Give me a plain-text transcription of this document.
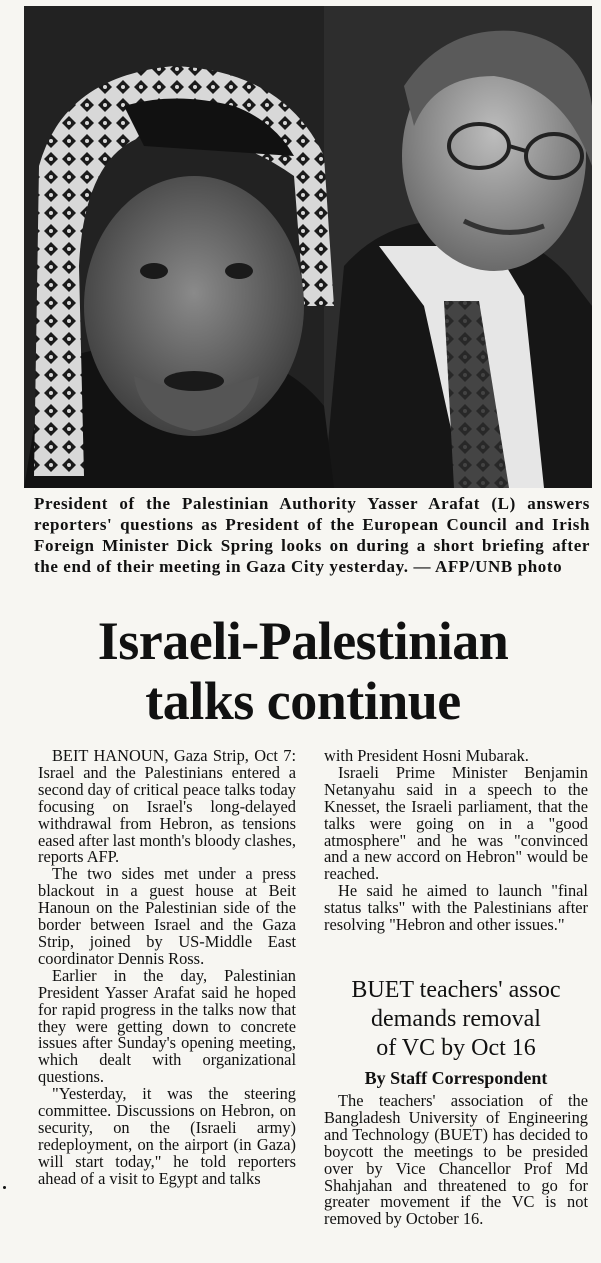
President of the Palestinian Authority Yasser Arafat (L) answers reporters' questions as President of the European Council and Irish Foreign Minister Dick Spring looks on during a short briefing after the end of their meeting in Gaza City yesterday. — AFP/UNB photo
Israeli-Palestinian
talks continue

BEIT HANOUN, Gaza Strip, Oct 7: Israel and the Palestinians entered a second day of critical peace talks today focusing on Israel's long-delayed withdrawal from Hebron, as tensions eased after last month's bloody clashes, reports AFP.

The two sides met under a press blackout in a guest house at Beit Hanoun on the Palestinian side of the border between Israel and the Gaza Strip, joined by US-Middle East coordinator Dennis Ross.

Earlier in the day, Palestinian President Yasser Arafat said he hoped for rapid progress in the talks now that they were getting down to concrete issues after Sunday's opening meeting, which dealt with organizational questions.

"Yesterday, it was the steering committee. Discussions on Hebron, on security, on the (Israeli army) redeployment, on the airport (in Gaza) will start today," he told reporters ahead of a visit to Egypt and talks

with President Hosni Mubarak.

Israeli Prime Minister Benjamin Netanyahu said in a speech to the Knesset, the Israeli parliament, that the talks were going on in a "good atmosphere" and he was "convinced and a new accord on Hebron" would be reached.

He said he aimed to launch "final status talks" with the Palestinians after resolving "Hebron and other issues."

BUET teachers' assoc
demands removal
of VC by Oct 16
By Staff Correspondent

The teachers' association of the Bangladesh University of Engineering and Technology (BUET) has decided to boycott the meetings to be presided over by Vice Chancellor Prof Md Shahjahan and threatened to go for greater movement if the VC is not removed by October 16.
